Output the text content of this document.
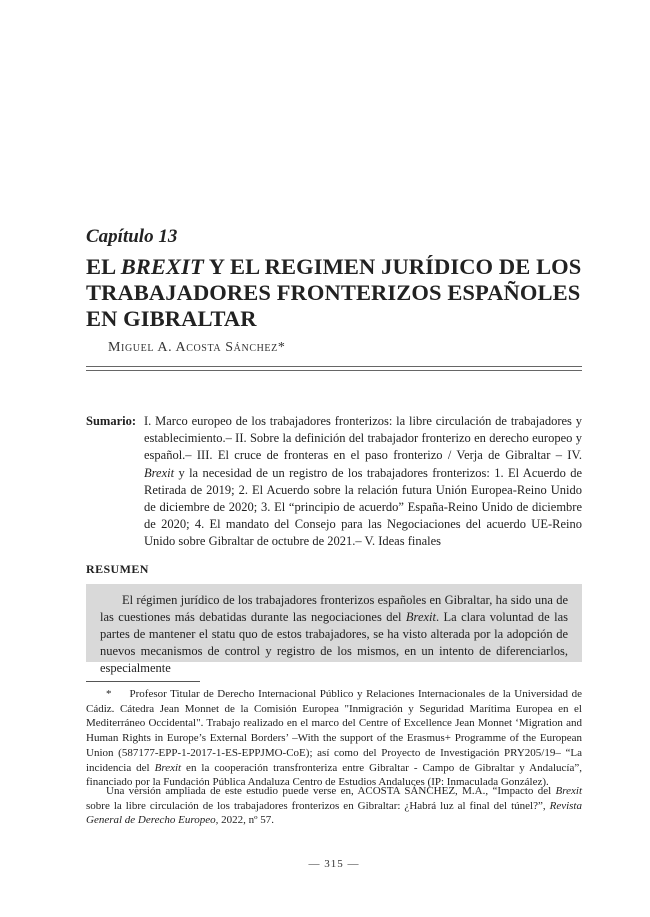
Capítulo 13

EL BREXIT Y EL REGIMEN JURÍDICO DE LOS
TRABAJADORES FRONTERIZOS ESPAÑOLES
EN GIBRALTAR

Miguel A. Acosta Sánchez*

Sumario: I. Marco europeo de los trabajadores fronterizos: la libre circulación de trabajadores y establecimiento.– II. Sobre la definición del trabajador fronterizo en derecho europeo y español.– III. El cruce de fronteras en el paso fronterizo / Verja de Gibraltar – IV. Brexit y la necesidad de un registro de los trabajadores fronterizos: 1. El Acuerdo de Retirada de 2019; 2. El Acuerdo sobre la relación futura Unión Europea-Reino Unido de diciembre de 2020; 3. El “principio de acuerdo” España-Reino Unido de diciembre de 2020; 4. El mandato del Consejo para las Negociaciones del acuerdo UE-Reino Unido sobre Gibraltar de octubre de 2021.– V. Ideas finales
RESUMEN
El régimen jurídico de los trabajadores fronterizos españoles en Gibraltar, ha sido una de las cuestiones más debatidas durante las negociaciones del Brexit. La clara voluntad de las partes de mantener el statu quo de estos trabajadores, se ha visto alterada por la adopción de nuevos mecanismos de control y registro de los mismos, en un intento de diferenciarlos, especialmente
* Profesor Titular de Derecho Internacional Público y Relaciones Internacionales de la Universidad de Cádiz. Cátedra Jean Monnet de la Comisión Europea "Inmigración y Seguridad Marítima Europea en el Mediterráneo Occidental". Trabajo realizado en el marco del Centre of Excellence Jean Monnet ‘Migration and Human Rights in Europe’s External Borders’ –With the support of the Erasmus+ Programme of the European Union (587177-EPP-1-2017-1-ES-EPPJMO-CoE); así como del Proyecto de Investigación PRY205/19– “La incidencia del Brexit en la cooperación transfronteriza entre Gibraltar - Campo de Gibraltar y Andalucía”, financiado por la Fundación Pública Andaluza Centro de Estudios Andaluces (IP: Inmaculada González).
Una versión ampliada de este estudio puede verse en, ACOSTA SÁNCHEZ, M.A., “Impacto del Brexit sobre la libre circulación de los trabajadores fronterizos en Gibraltar: ¿Habrá luz al final del túnel?”, Revista General de Derecho Europeo, 2022, nº 57.
— 315 —
